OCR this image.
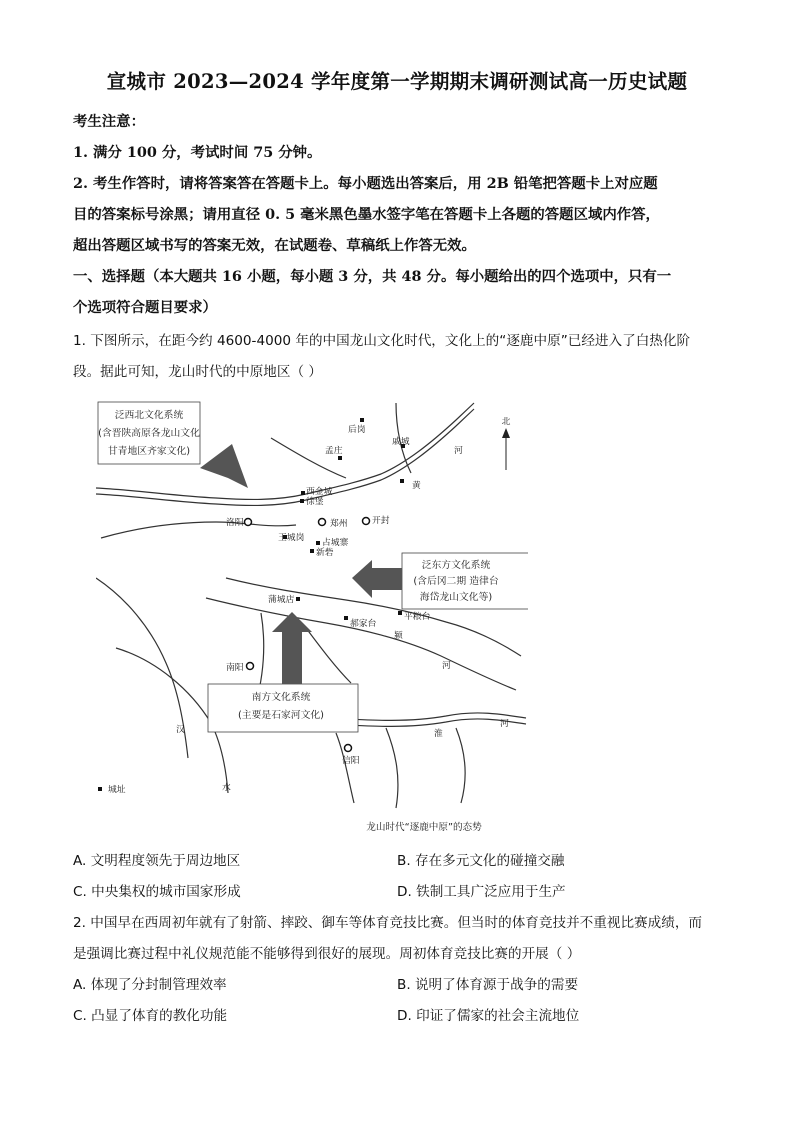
宣城市 2023—2024 学年度第一学期期末调研测试高一历史试题
考生注意：
1. 满分 100 分，考试时间 75 分钟。
2. 考生作答时，请将答案答在答题卡上。每小题选出答案后，用 2B 铅笔把答题卡上对应题
目的答案标号涂黑；请用直径 0. 5 毫米黑色墨水签字笔在答题卡上各题的答题区域内作答，
超出答题区域书写的答案无效，在试题卷、草稿纸上作答无效。
一、选择题（本大题共 16 小题，每小题 3 分，共 48 分。每小题给出的四个选项中，只有一
个选项符合题目要求）
1. 下图所示，在距今约 4600-4000 年的中国龙山文化时代，文化上的“逐鹿中原”已经进入了白热化阶
段。据此可知，龙山时代的中原地区（ ）
泛西北文化系统
(含晋陕高原各龙山文化
甘青地区齐家文化)
泛东方文化系统
(含后冈二期 造律台
海岱龙山文化等)
南方文化系统
(主要是石家河文化)
北
后岗
戚城
孟庄
西金城
徐堡
洛阳	郑州	开封
王城岗 占城寨
新砦
蒲城店
郝家台
平粮台
南阳
信阳
河
黄
颍
河
淮
河
汉
水
城址
龙山时代“逐鹿中原”的态势
A. 文明程度领先于周边地区	B. 存在多元文化的碰撞交融
C. 中央集权的城市国家形成	D. 铁制工具广泛应用于生产
2. 中国早在西周初年就有了射箭、摔跤、御车等体育竞技比赛。但当时的体育竞技并不重视比赛成绩，而
是强调比赛过程中礼仪规范能不能够得到很好的展现。周初体育竞技比赛的开展（ ）
A. 体现了分封制管理效率	B. 说明了体育源于战争的需要
C. 凸显了体育的教化功能	D. 印证了儒家的社会主流地位
